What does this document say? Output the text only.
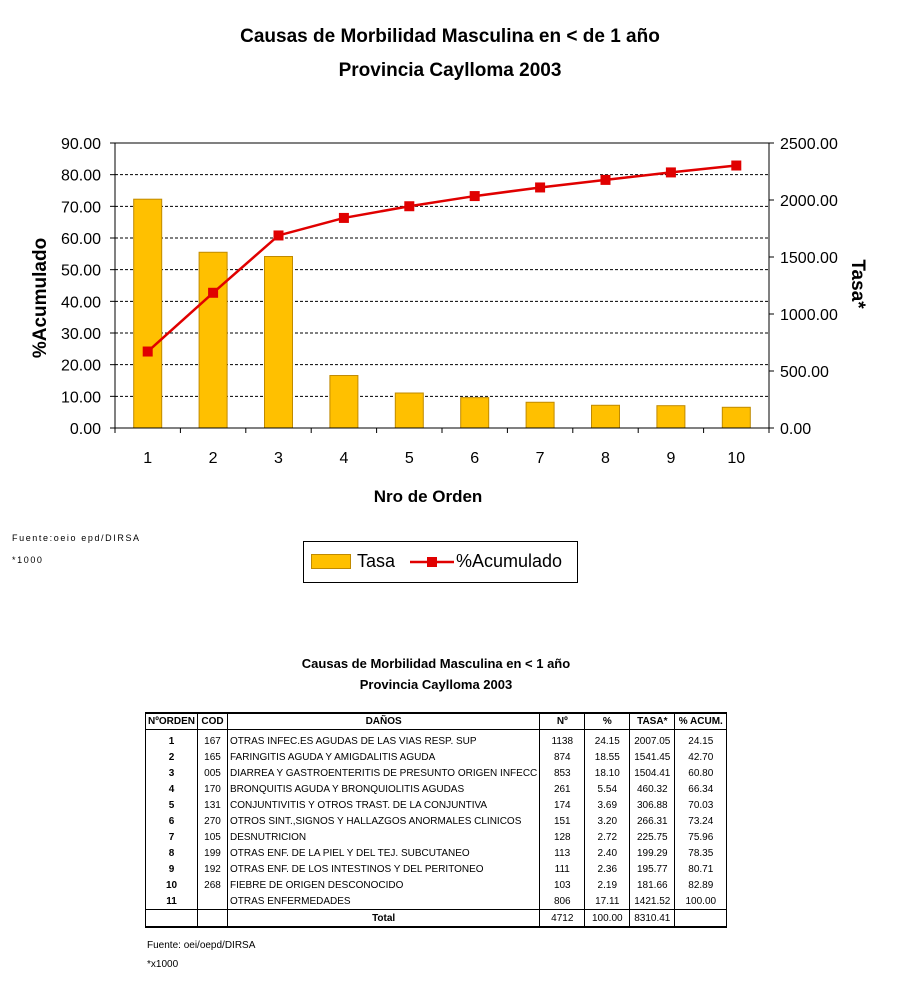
Causas de Morbilidad Masculina en < de 1 año
Provincia Caylloma 2003
0.00
10.00
20.00
30.00
40.00
50.00
60.00
70.00
80.00
90.00
0.00
500.00
1000.00
1500.00
2000.00
2500.00
1	2	3	4	5	6	7	8	9	10
Nro de Orden
%Acumulado	Tasa*
Fuente:oeio epd/DIRSA
*1000	Tasa	%Acumulado
Causas de Morbilidad Masculina en < 1 año
Provincia Caylloma 2003
NºORDEN	COD	DAÑOS	Nº	%	TASA*	% ACUM.
1	167	OTRAS INFEC.ES AGUDAS DE LAS VIAS RESP. SUP	1138	24.15	2007.05	24.15
2	165	FARINGITIS AGUDA Y AMIGDALITIS AGUDA	874	18.55	1541.45	42.70
3	005	DIARREA Y GASTROENTERITIS DE PRESUNTO ORIGEN INFECC	853	18.10	1504.41	60.80
4	170	BRONQUITIS AGUDA Y BRONQUIOLITIS AGUDAS	261	5.54	460.32	66.34
5	131	CONJUNTIVITIS Y OTROS TRAST. DE LA CONJUNTIVA	174	3.69	306.88	70.03
6	270	OTROS SINT.,SIGNOS Y HALLAZGOS ANORMALES CLINICOS	151	3.20	266.31	73.24
7	105	DESNUTRICION	128	2.72	225.75	75.96
8	199	OTRAS ENF. DE LA PIEL Y DEL TEJ. SUBCUTANEO	113	2.40	199.29	78.35
9	192	OTRAS ENF. DE LOS INTESTINOS Y DEL PERITONEO	111	2.36	195.77	80.71
10	268	FIEBRE DE ORIGEN DESCONOCIDO	103	2.19	181.66	82.89
11		OTRAS ENFERMEDADES	806	17.11	1421.52	100.00
		Total	4712	100.00	8310.41	
Fuente: oei/oepd/DIRSA
*x1000
